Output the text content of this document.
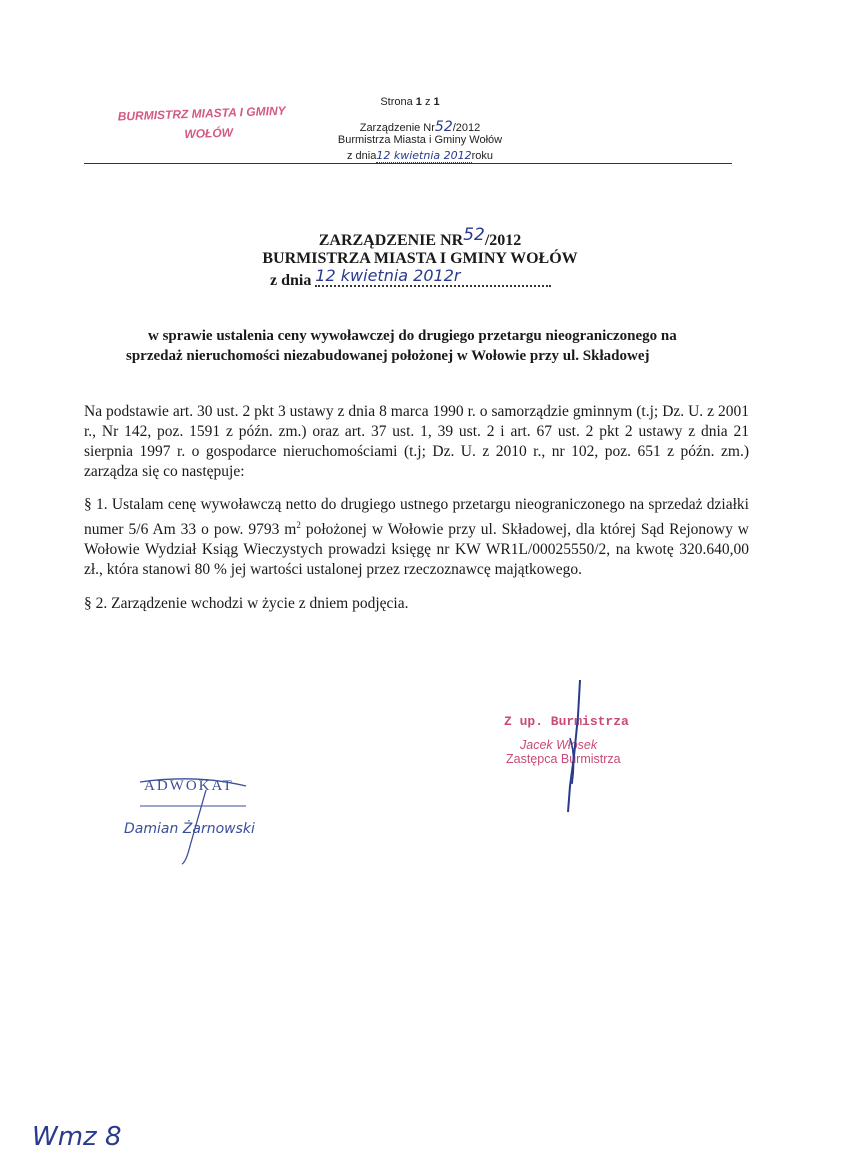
BURMISTRZ MIASTA I GMINY
WOŁÓW
Strona 1 z 1
Zarządzenie Nr52/2012
Burmistrza Miasta i Gminy Wołów
z dnia12 kwietnia 2012roku
ZARZĄDZENIE NR52/2012
BURMISTRZA MIASTA I GMINY WOŁÓW
z dnia 12 kwietnia 2012r
w sprawie ustalenia ceny wywoławczej do drugiego przetargu nieograniczonego na
sprzedaż nieruchomości niezabudowanej położonej w Wołowie przy ul. Składowej
Na podstawie art. 30 ust. 2 pkt 3 ustawy z dnia 8 marca 1990 r. o samorządzie gminnym (t.j; Dz. U. z 2001 r., Nr 142, poz. 1591 z późn. zm.) oraz art. 37 ust. 1, 39 ust. 2 i art. 67 ust. 2 pkt 2 ustawy z dnia 21 sierpnia 1997 r. o gospodarce nieruchomościami (t.j; Dz. U. z 2010 r., nr 102, poz. 651 z późn. zm.) zarządza się co następuje:
§ 1. Ustalam cenę wywoławczą netto do drugiego ustnego przetargu nieograniczonego na sprzedaż działki numer 5/6 Am 33 o pow. 9793 $m^2$ położonej w Wołowie przy ul. Składowej, dla której Sąd Rejonowy w Wołowie Wydział Ksiąg Wieczystych prowadzi księgę nr KW WR1L/00025550/2, na kwotę 320.640,00 zł., która stanowi 80 % jej wartości ustalonej przez rzeczoznawcę majątkowego.
§ 2. Zarządzenie wchodzi w życie z dniem podjęcia.
Z up. Burmistrza
Jacek Włosek
Zastępca Burmistrza
ADWOKAT
Damian Żarnowski
Wmz 8
